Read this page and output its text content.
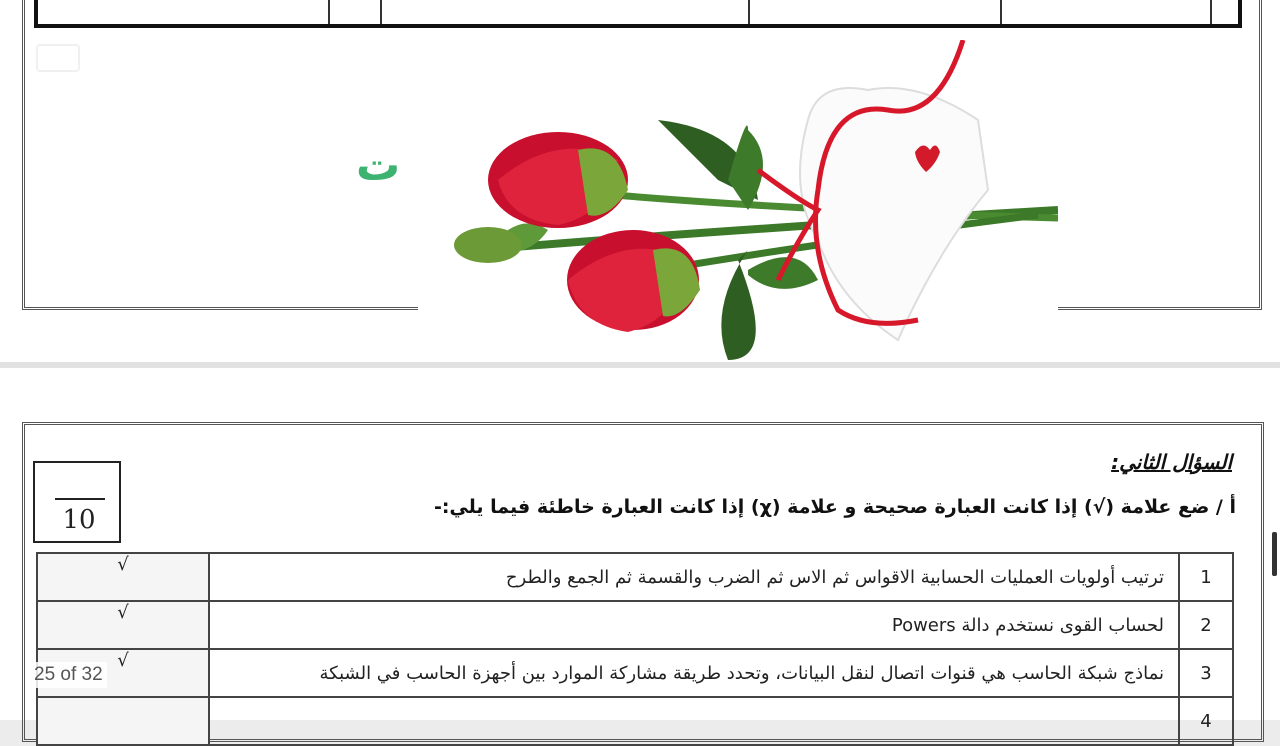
ت
10
السؤال الثاني:
أ / ضع علامة (√) إذا كانت العبارة صحيحة و علامة (χ) إذا كانت العبارة خاطئة فيما يلي:-
1	ترتيب أولويات العمليات الحسابية الاقواس ثم الاس ثم الضرب والقسمة ثم الجمع والطرح	√
2	لحساب القوى نستخدم دالة Powers	√
3	نماذج شبكة الحاسب هي قنوات اتصال لنقل البيانات، وتحدد طريقة مشاركة الموارد بين أجهزة الحاسب في الشبكة	√
4		
25 of 32
